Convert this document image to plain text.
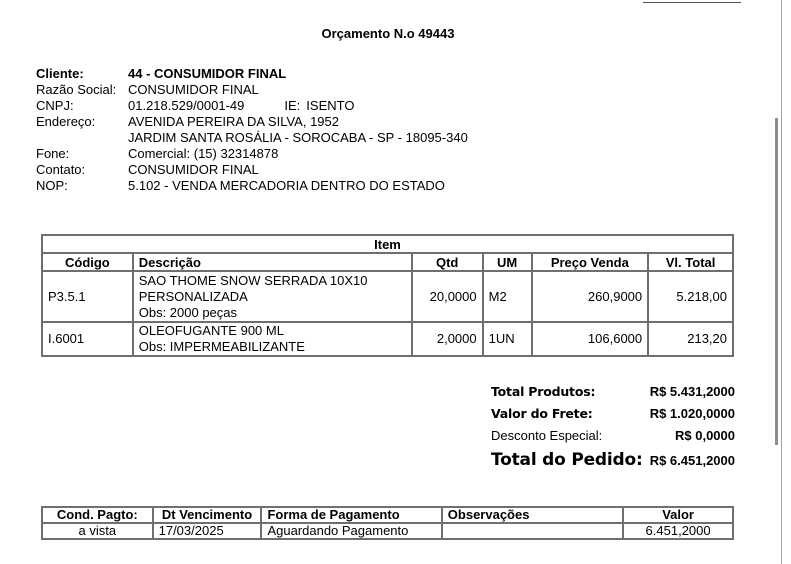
Orçamento N.o 49443
Cliente:	44 - CONSUMIDOR FINAL
Razão Social: CONSUMIDOR FINAL
CNPJ:	01.218.529/0001-49	IE: ISENTO
Endereço:	AVENIDA PEREIRA DA SILVA, 1952
JARDIM SANTA ROSÁLIA - SOROCABA - SP - 18095-340
Fone:	Comercial: (15) 32314878
Contato:	CONSUMIDOR FINAL
NOP:	5.102 - VENDA MERCADORIA DENTRO DO ESTADO
Item					
Código	Descrição	Qtd	UM	Preço Venda	Vl. Total
P3.5.1	SAO THOME SNOW SERRADA 10X10
PERSONALIZADA
Obs: 2000 peças	20,0000	M2	260,9000	5.218,00
I.6001	OLEOFUGANTE 900 ML
Obs: IMPERMEABILIZANTE	2,0000	1UN	106,6000	213,20
Total Produtos:	R$ 5.431,2000
Valor do Frete:	R$ 1.020,0000
Desconto Especial:	R$ 0,0000
Total do Pedido: R$ 6.451,2000
Cond. Pagto:	Dt Vencimento	Forma de Pagamento	Observações	Valor
a vista	17/03/2025	Aguardando Pagamento		6.451,2000
